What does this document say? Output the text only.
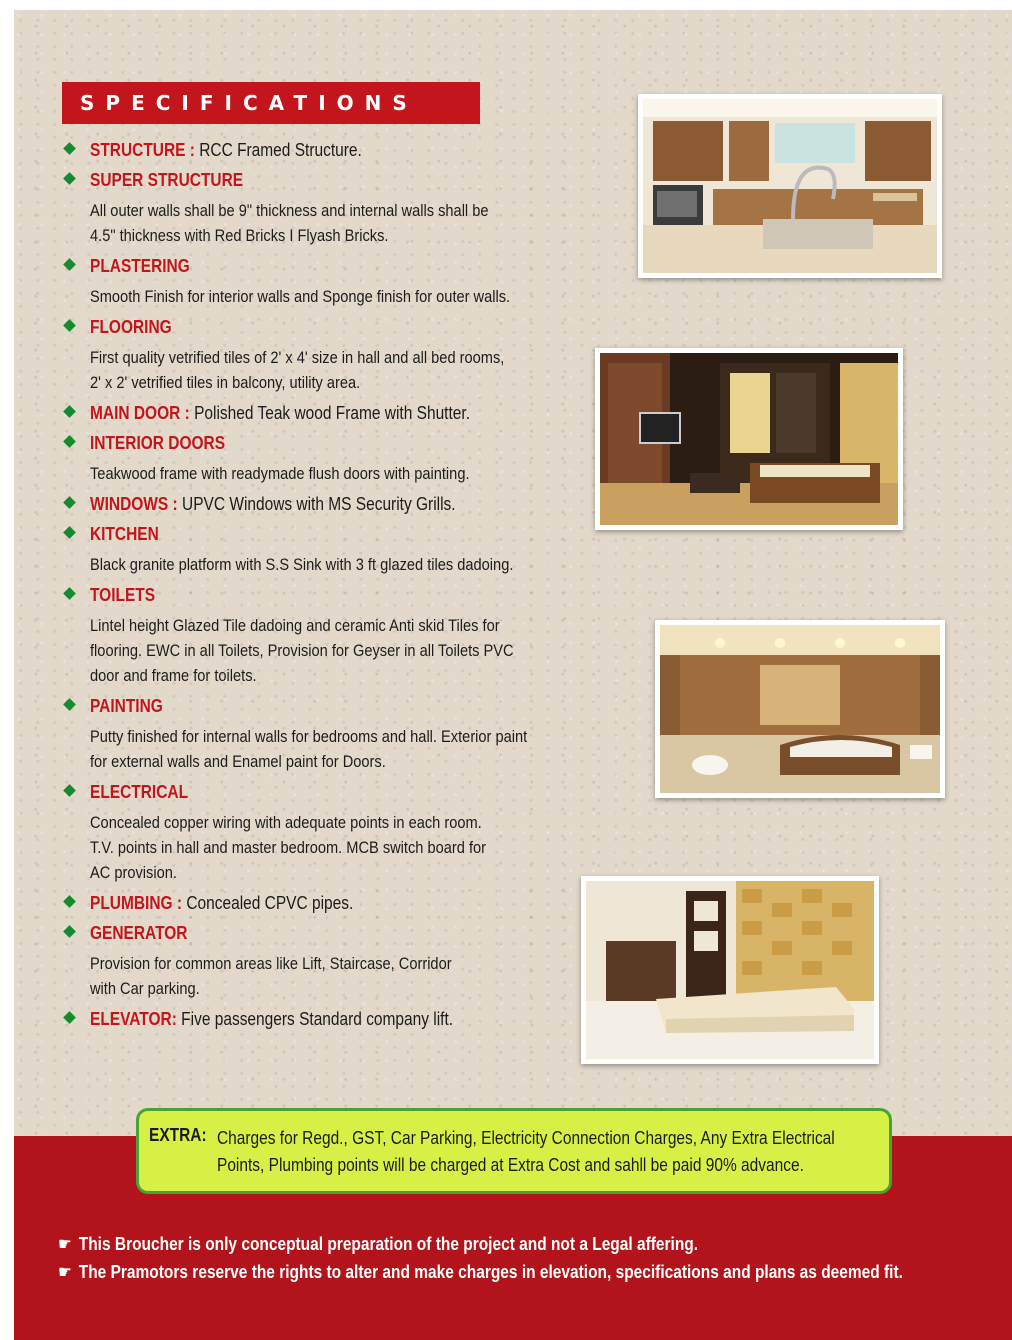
SPECIFICATIONS
STRUCTURE : RCC Framed Structure.
SUPER STRUCTURE
All outer walls shall be 9" thickness and internal walls shall be
4.5" thickness with Red Bricks I Flyash Bricks.
PLASTERING
Smooth Finish for interior walls and Sponge finish for outer walls.
FLOORING
First quality vetrified tiles of 2' x 4' size in hall and all bed rooms,
2' x 2' vetrified tiles in balcony, utility area.
MAIN DOOR : Polished Teak wood Frame with Shutter.
INTERIOR DOORS
Teakwood frame with readymade flush doors with painting.
WINDOWS : UPVC Windows with MS Security Grills.
KITCHEN
Black granite platform with S.S Sink with 3 ft glazed tiles dadoing.
TOILETS
Lintel height Glazed Tile dadoing and ceramic Anti skid Tiles for
flooring. EWC in all Toilets, Provision for Geyser in all Toilets PVC
door and frame for toilets.
PAINTING
Putty finished for internal walls for bedrooms and hall. Exterior paint
for external walls and Enamel paint for Doors.
ELECTRICAL
Concealed copper wiring with adequate points in each room.
T.V. points in hall and master bedroom. MCB switch board for
AC provision.
PLUMBING : Concealed CPVC pipes.
GENERATOR
Provision for common areas like Lift, Staircase, Corridor
with Car parking.
ELEVATOR: Five passengers Standard company lift.
EXTRA: Charges for Regd., GST, Car Parking, Electricity Connection Charges, Any Extra Electrical Points, Plumbing points will be charged at Extra Cost and sahll be paid 90% advance.
☛ This Broucher is only conceptual preparation of the project and not a Legal affering.
☛ The Pramotors reserve the rights to alter and make charges in elevation, specifications and plans as deemed fit.
